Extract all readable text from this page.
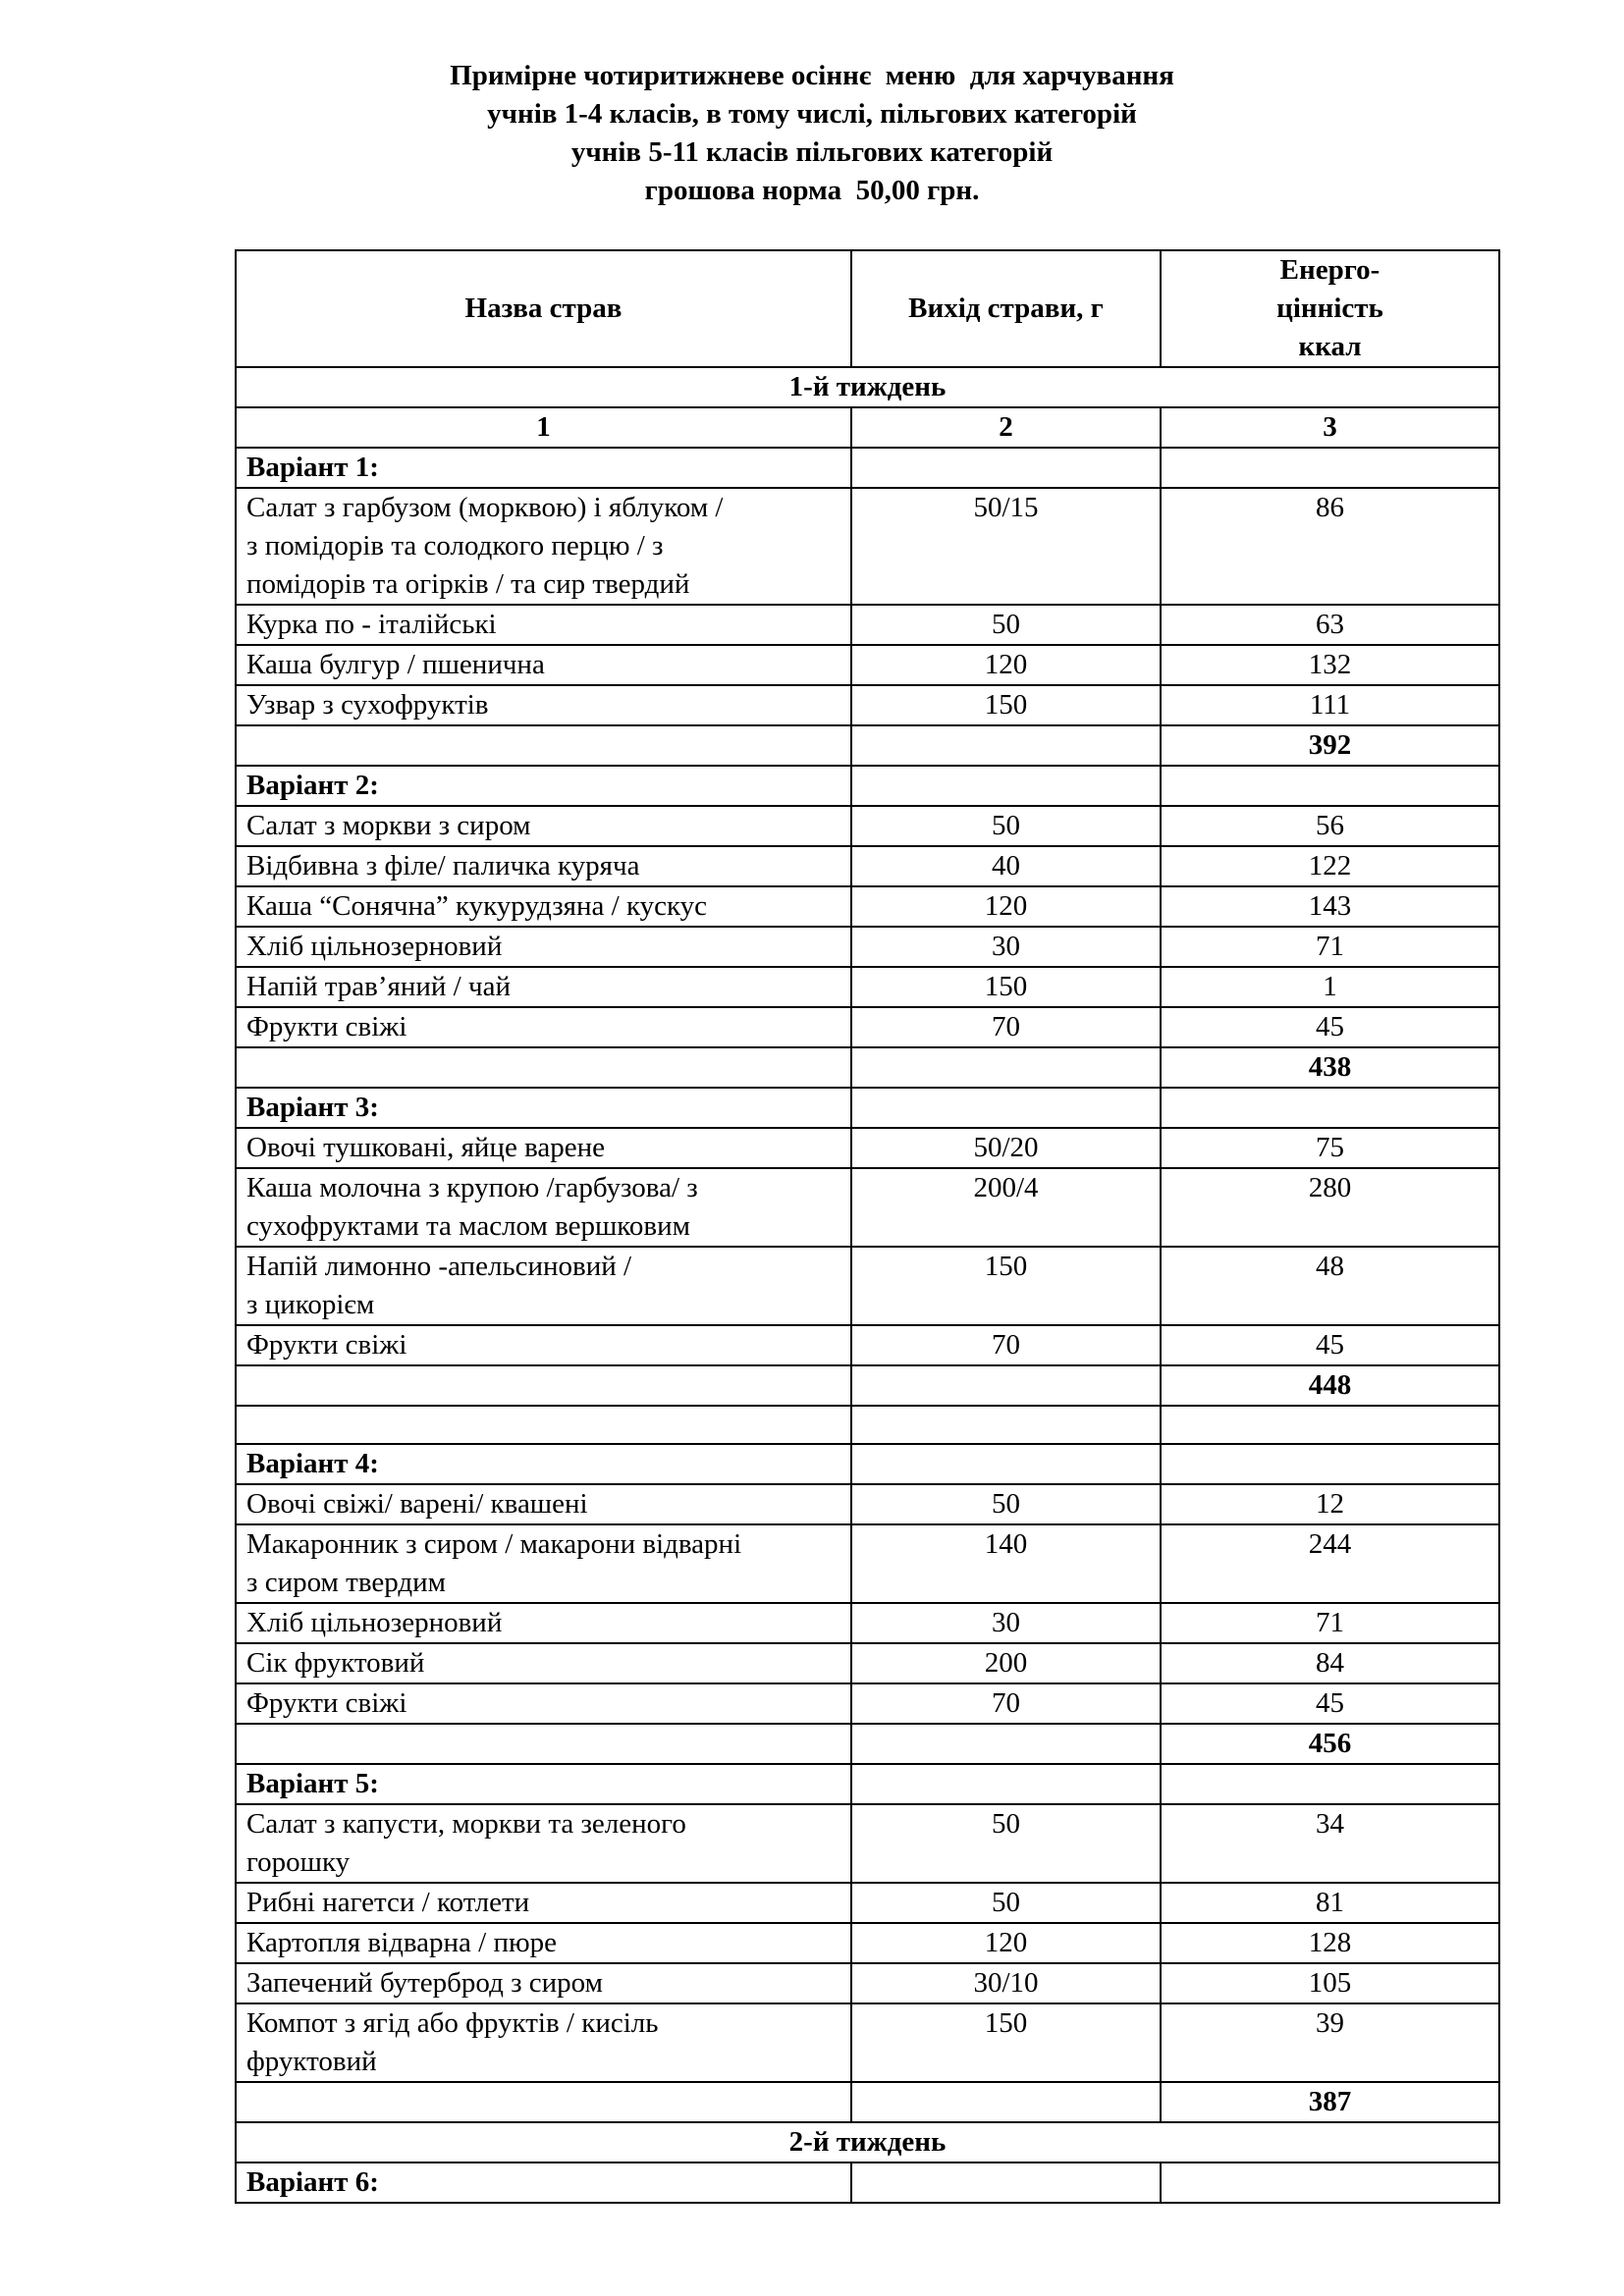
Примірне чотиритижневе осіннє  меню  для харчування
учнів 1-4 класів, в тому числі, пільгових категорій
учнів 5-11 класів пільгових категорій
грошова норма  50,00 грн.
Назва страв	Вихід страви, г	Енерго-
цінність
ккал
1-й тиждень		
1	2	3
Варіант 1:		
Салат з гарбузом (морквою) і яблуком /
з помідорів та солодкого перцю / з
помідорів та огірків / та сир твердий	50/15	86
Курка по - італійські	50	63
Каша булгур / пшенична	120	132
Узвар з сухофруктів	150	111
		392
Варіант 2:		
Салат з моркви з сиром	50	56
Відбивна з філе/ паличка куряча	40	122
Каша “Сонячна” кукурудзяна / кускус	120	143
Хліб цільнозерновий	30	71
Напій трав’яний / чай	150	1
Фрукти свіжі	70	45
		438
Варіант 3:		
Овочі тушковані, яйце варене	50/20	75
Каша молочна з крупою /гарбузова/ з
сухофруктами та маслом вершковим	200/4	280
Напій лимонно -апельсиновий /
з цикорієм	150	48
Фрукти свіжі	70	45
		448

Варіант 4:		
Овочі свіжі/ варені/ квашені	50	12
Макаронник з сиром / макарони відварні
з сиром твердим	140	244
Хліб цільнозерновий	30	71
Сік фруктовий	200	84
Фрукти свіжі	70	45
		456
Варіант 5:		
Салат з капусти, моркви та зеленого
горошку	50	34
Рибні нагетси / котлети	50	81
Картопля відварна / пюре	120	128
Запечений бутерброд з сиром	30/10	105
Компот з ягід або фруктів / кисіль
фруктовий	150	39
		387
2-й тиждень		
Варіант 6:		
